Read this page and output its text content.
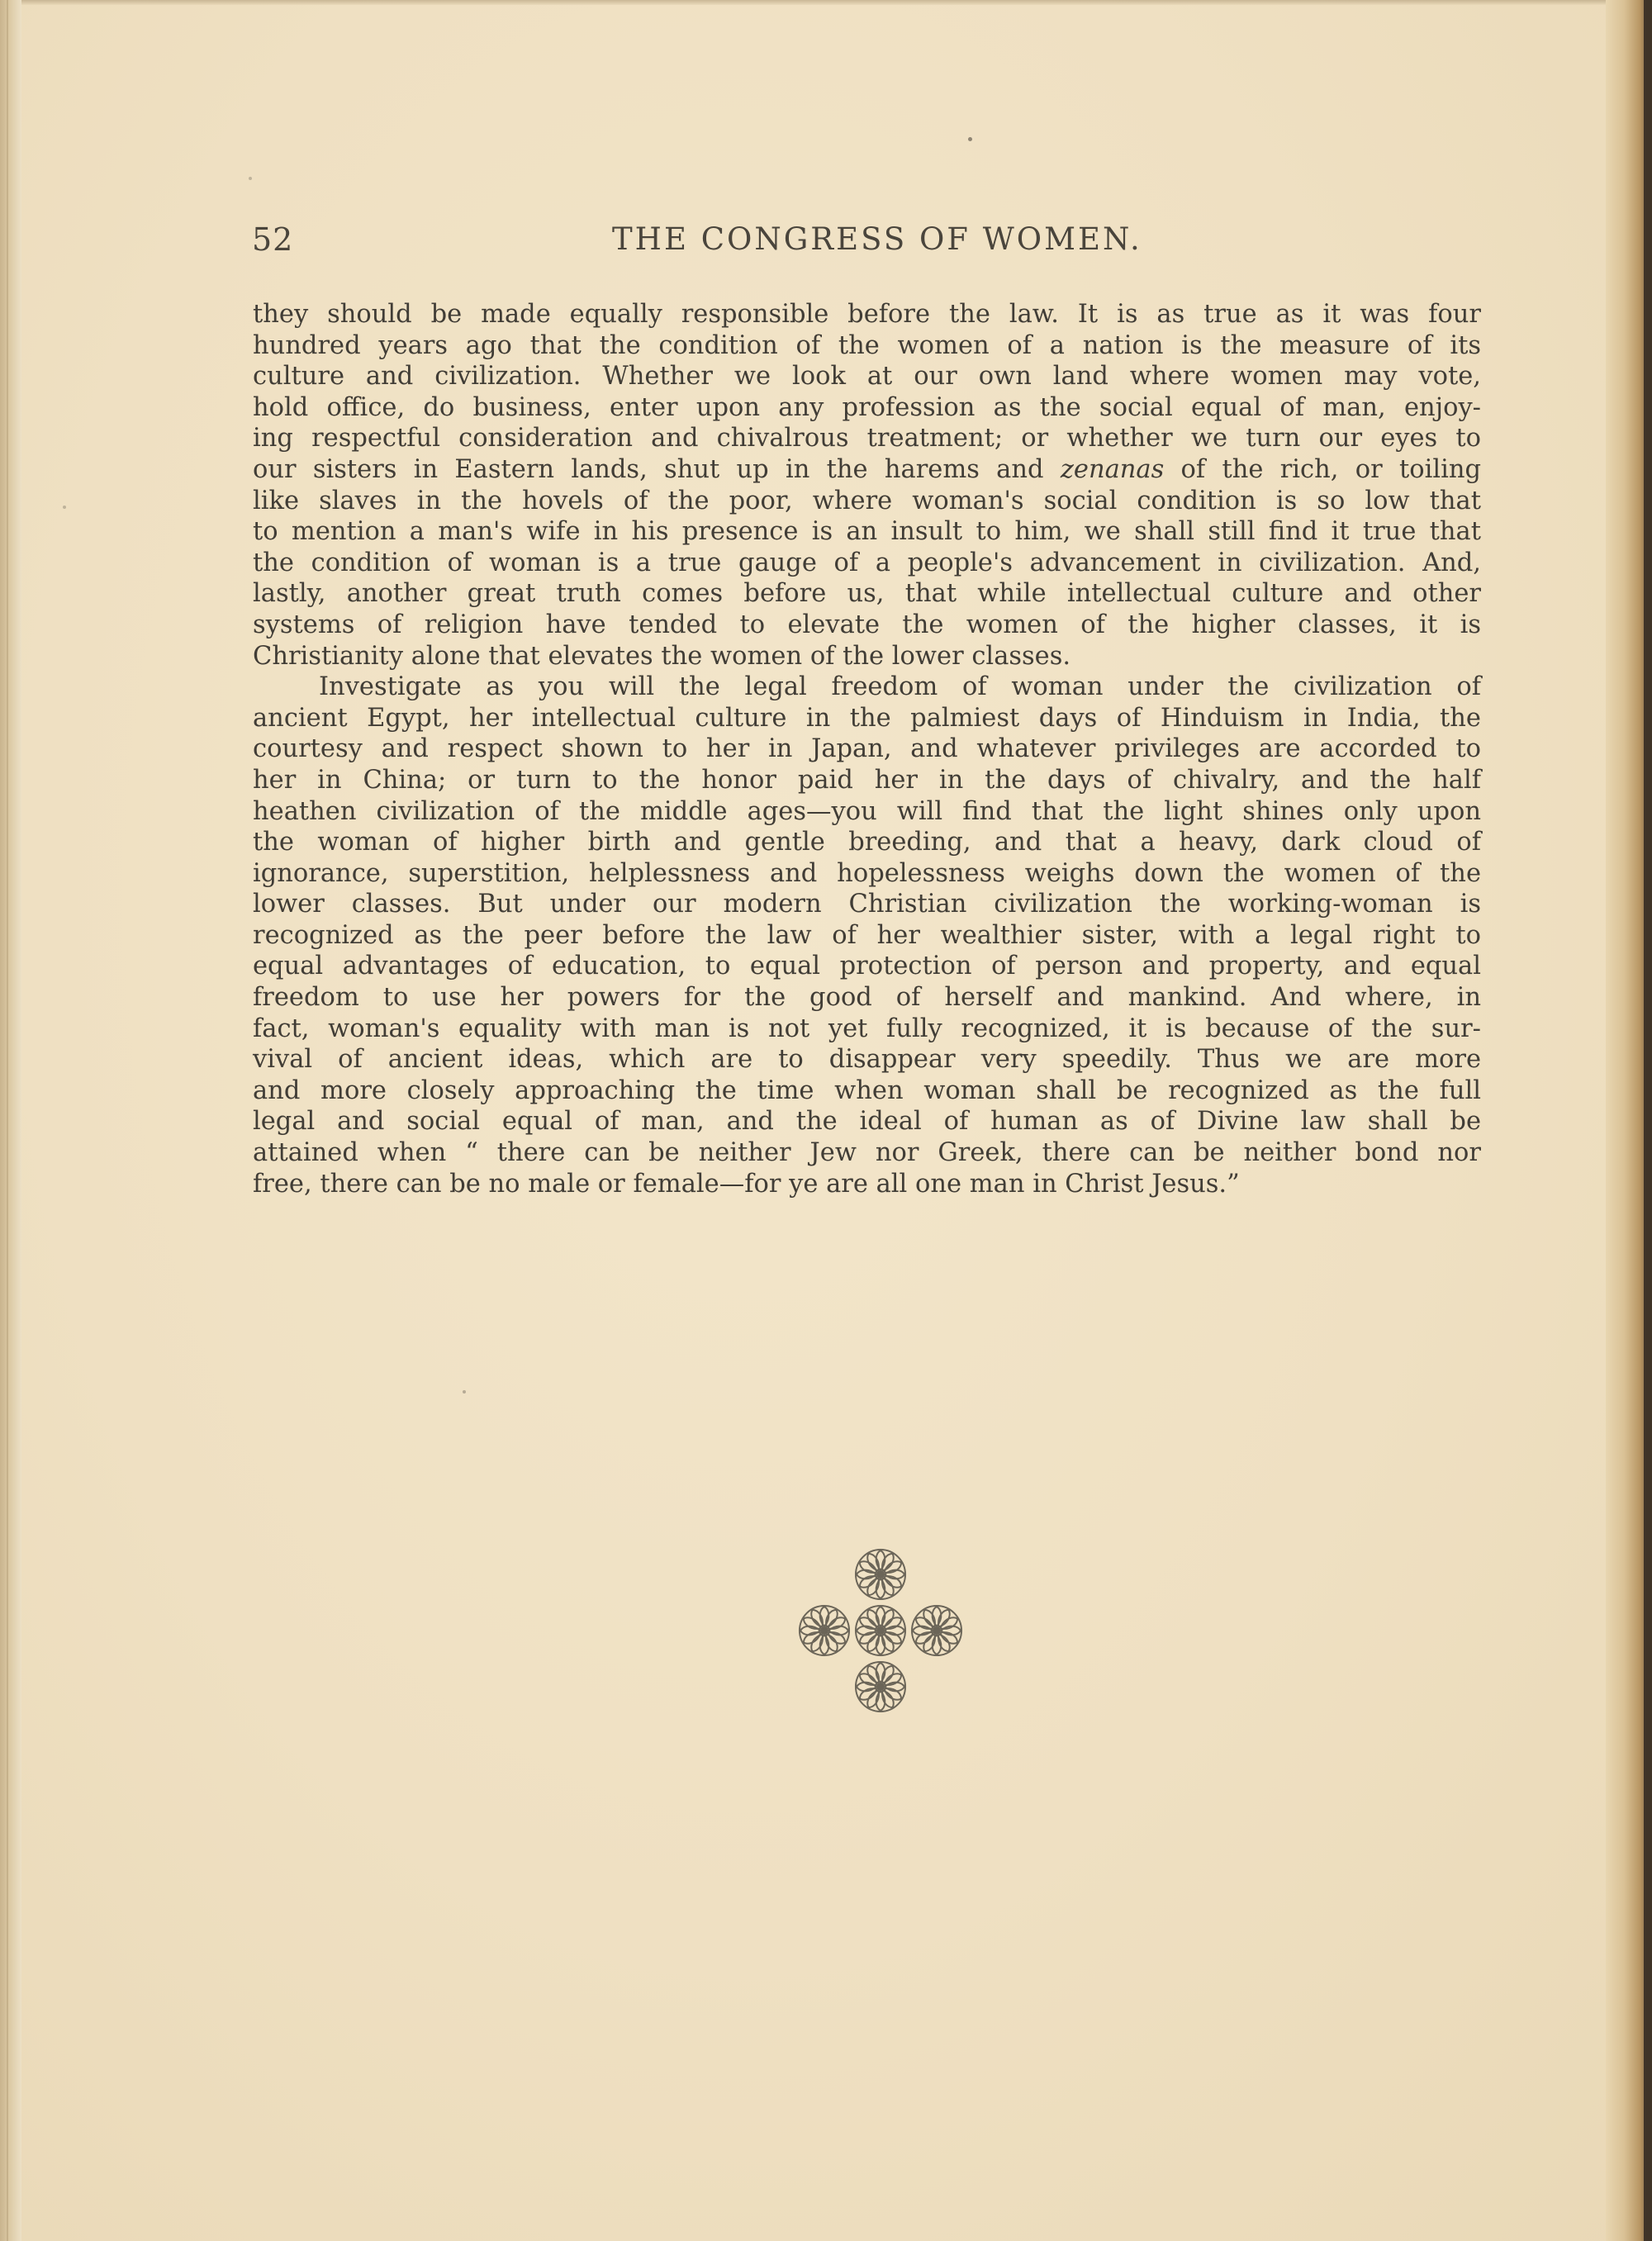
52	THE CONGRESS OF WOMEN.
they should be made equally responsible before the law. It is as true as it was four
hundred years ago that the condition of the women of a nation is the measure of its
culture and civilization. Whether we look at our own land where women may vote,
hold office, do business, enter upon any profession as the social equal of man, enjoy-
ing respectful consideration and chivalrous treatment; or whether we turn our eyes to
our sisters in Eastern lands, shut up in the harems and zenanas of the rich, or toiling
like slaves in the hovels of the poor, where woman's social condition is so low that
to mention a man's wife in his presence is an insult to him, we shall still find it true that
the condition of woman is a true gauge of a people's advancement in civilization. And,
lastly, another great truth comes before us, that while intellectual culture and other
systems of religion have tended to elevate the women of the higher classes, it is
Christianity alone that elevates the women of the lower classes.
Investigate as you will the legal freedom of woman under the civilization of
ancient Egypt, her intellectual culture in the palmiest days of Hinduism in India, the
courtesy and respect shown to her in Japan, and whatever privileges are accorded to
her in China; or turn to the honor paid her in the days of chivalry, and the half
heathen civilization of the middle ages—you will find that the light shines only upon
the woman of higher birth and gentle breeding, and that a heavy, dark cloud of
ignorance, superstition, helplessness and hopelessness weighs down the women of the
lower classes. But under our modern Christian civilization the working-woman is
recognized as the peer before the law of her wealthier sister, with a legal right to
equal advantages of education, to equal protection of person and property, and equal
freedom to use her powers for the good of herself and mankind. And where, in
fact, woman's equality with man is not yet fully recognized, it is because of the sur-
vival of ancient ideas, which are to disappear very speedily. Thus we are more
and more closely approaching the time when woman shall be recognized as the full
legal and social equal of man, and the ideal of human as of Divine law shall be
attained when “ there can be neither Jew nor Greek, there can be neither bond nor
free, there can be no male or female—for ye are all one man in Christ Jesus.”
